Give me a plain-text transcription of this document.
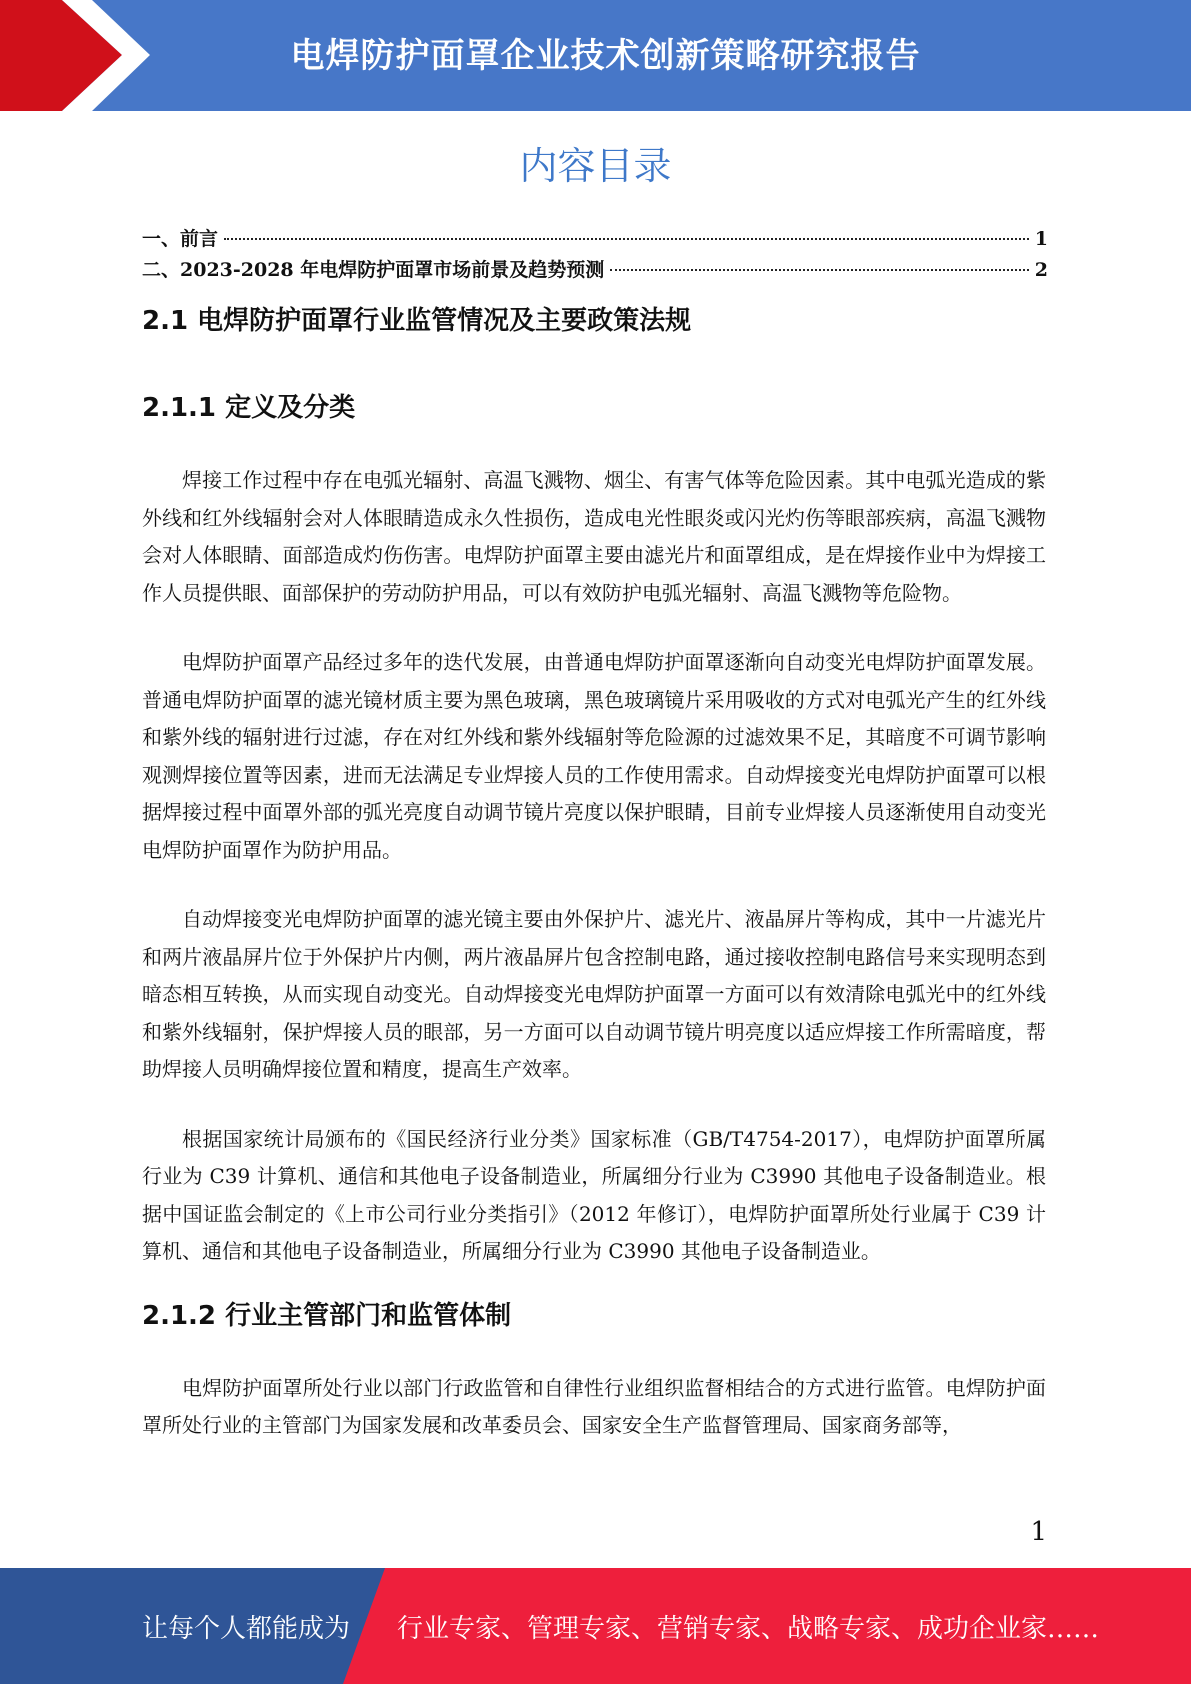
电焊防护面罩企业技术创新策略研究报告
内容目录
一、前言	1
二、2023-2028 年电焊防护面罩市场前景及趋势预测	2
2.1 电焊防护面罩行业监管情况及主要政策法规
2.1.1 定义及分类

焊接工作过程中存在电弧光辐射、高温飞溅物、烟尘、有害气体等危险因素。其中电弧光造成的紫外线和红外线辐射会对人体眼睛造成永久性损伤，造成电光性眼炎或闪光灼伤等眼部疾病，高温飞溅物会对人体眼睛、面部造成灼伤伤害。电焊防护面罩主要由滤光片和面罩组成，是在焊接作业中为焊接工作人员提供眼、面部保护的劳动防护用品，可以有效防护电弧光辐射、高温飞溅物等危险物。

电焊防护面罩产品经过多年的迭代发展，由普通电焊防护面罩逐渐向自动变光电焊防护面罩发展。普通电焊防护面罩的滤光镜材质主要为黑色玻璃，黑色玻璃镜片采用吸收的方式对电弧光产生的红外线和紫外线的辐射进行过滤，存在对红外线和紫外线辐射等危险源的过滤效果不足，其暗度不可调节影响观测焊接位置等因素，进而无法满足专业焊接人员的工作使用需求。自动焊接变光电焊防护面罩可以根据焊接过程中面罩外部的弧光亮度自动调节镜片亮度以保护眼睛，目前专业焊接人员逐渐使用自动变光电焊防护面罩作为防护用品。

自动焊接变光电焊防护面罩的滤光镜主要由外保护片、滤光片、液晶屏片等构成，其中一片滤光片和两片液晶屏片位于外保护片内侧，两片液晶屏片包含控制电路，通过接收控制电路信号来实现明态到暗态相互转换，从而实现自动变光。自动焊接变光电焊防护面罩一方面可以有效清除电弧光中的红外线和紫外线辐射，保护焊接人员的眼部，另一方面可以自动调节镜片明亮度以适应焊接工作所需暗度，帮助焊接人员明确焊接位置和精度，提高生产效率。

根据国家统计局颁布的《国民经济行业分类》国家标准（GB/T4754-2017），电焊防护面罩所属行业为 C39 计算机、通信和其他电子设备制造业，所属细分行业为 C3990 其他电子设备制造业。根据中国证监会制定的《上市公司行业分类指引》（2012 年修订），电焊防护面罩所处行业属于 C39 计算机、通信和其他电子设备制造业，所属细分行业为 C3990 其他电子设备制造业。

2.1.2 行业主管部门和监管体制

电焊防护面罩所处行业以部门行政监管和自律性行业组织监督相结合的方式进行监管。电焊防护面罩所处行业的主管部门为国家发展和改革委员会、国家安全生产监督管理局、国家商务部等，

1
让每个人都能成为 行业专家、管理专家、营销专家、战略专家、成功企业家……
